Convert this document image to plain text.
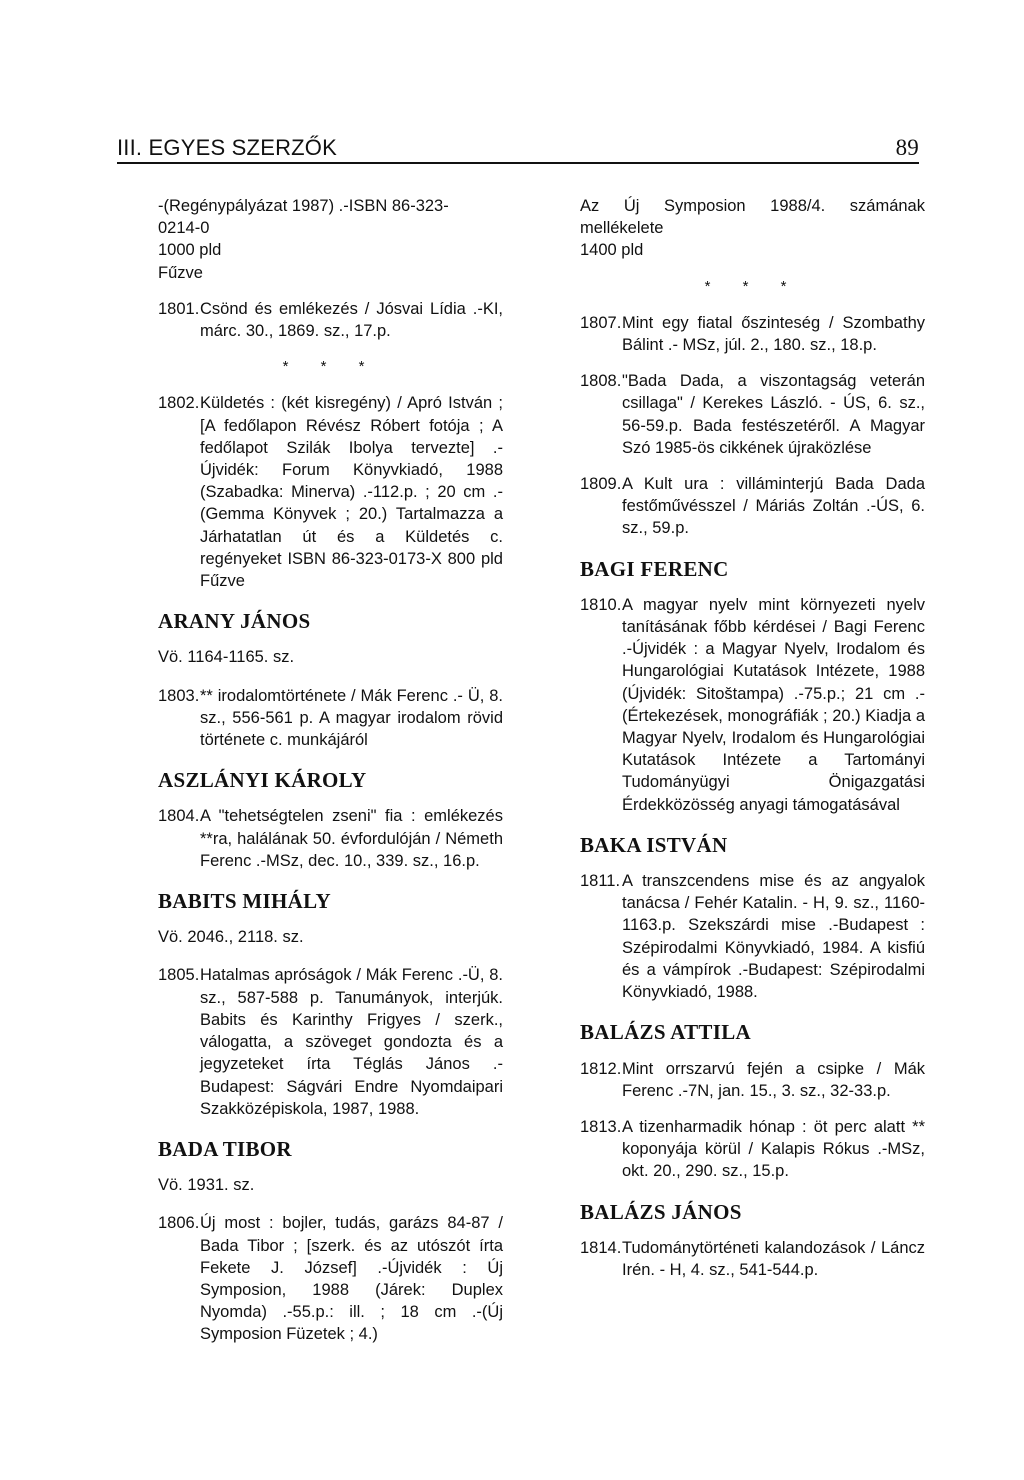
III. EGYES SZERZŐK	89
-(Regénypályázat 1987) .-ISBN 86-323-
0214-0
1000 pld
Fűzve
1801. Csönd és emlékezés / Jósvai Lídia .-KI, márc. 30., 1869. sz., 17.p.
* * *
1802. Küldetés : (két kisregény) / Apró István ; [A fedőlapon Révész Róbert fotója ; A fedőlapot Szilák Ibolya tervezte] .- Újvidék: Forum Könyvkiadó, 1988 (Szabadka: Minerva) .-112.p. ; 20 cm .-(Gemma Könyvek ; 20.) Tartalmazza a Járhatatlan út és a Küldetés c. regényeket ISBN 86-323-0173-X 800 pld Fűzve
ARANY JÁNOS
Vö. 1164-1165. sz.
1803. ** irodalomtörténete / Mák Ferenc .- Ü, 8. sz., 556-561 p. A magyar irodalom rövid története c. munkájáról
ASZLÁNYI KÁROLY
1804. A "tehetségtelen zseni" fia : emlékezés **ra, halálának 50. évfordulóján / Németh Ferenc .-MSz, dec. 10., 339. sz., 16.p.
BABITS MIHÁLY
Vö. 2046., 2118. sz.
1805. Hatalmas apróságok / Mák Ferenc .-Ü, 8. sz., 587-588 p. Tanumányok, interjúk. Babits és Karinthy Frigyes / szerk., válogatta, a szöveget gondozta és a jegyzeteket írta Téglás János .-Budapest: Ságvári Endre Nyomdaipari Szakközépiskola, 1987, 1988.
BADA TIBOR
Vö. 1931. sz.
1806. Új most : bojler, tudás, garázs 84-87 / Bada Tibor ; [szerk. és az utószót írta Fekete J. József] .-Újvidék : Új Symposion, 1988 (Járek: Duplex Nyomda) .-55.p.: ill. ; 18 cm .-(Új Symposion Füzetek ; 4.)
Az Új Symposion 1988/4. számának mellékelete
1400 pld
* * *
1807. Mint egy fiatal őszinteség / Szombathy Bálint .- MSz, júl. 2., 180. sz., 18.p.
1808. "Bada Dada, a viszontagság veterán csillaga" / Kerekes László. - ÚS, 6. sz., 56-59.p. Bada festészetéről. A Magyar Szó 1985-ös cikkének újraközlése
1809. A Kult ura : villáminterjú Bada Dada festőművésszel / Máriás Zoltán .-ÚS, 6. sz., 59.p.
BAGI FERENC
1810. A magyar nyelv mint környezeti nyelv tanításának főbb kérdései / Bagi Ferenc .-Újvidék : a Magyar Nyelv, Irodalom és Hungarológiai Kutatások Intézete, 1988 (Újvidék: Sitoštampa) .-75.p.; 21 cm .-(Értekezések, monográfiák ; 20.) Kiadja a Magyar Nyelv, Irodalom és Hungarológiai Kutatások Intézete a Tartományi Tudományügyi Önigazgatási Érdekközösség anyagi támogatásával
BAKA ISTVÁN
1811. A transzcendens mise és az angyalok tanácsa / Fehér Katalin. - H, 9. sz., 1160-1163.p. Szekszárdi mise .-Budapest : Szépirodalmi Könyvkiadó, 1984. A kisfiú és a vámpírok .-Budapest: Szépirodalmi Könyvkiadó, 1988.
BALÁZS ATTILA
1812. Mint orrszarvú fején a csipke / Mák Ferenc .-7N, jan. 15., 3. sz., 32-33.p.
1813. A tizenharmadik hónap : öt perc alatt ** koponyája körül / Kalapis Rókus .-MSz, okt. 20., 290. sz., 15.p.
BALÁZS JÁNOS
1814. Tudománytörténeti kalandozások / Láncz Irén. - H, 4. sz., 541-544.p.
